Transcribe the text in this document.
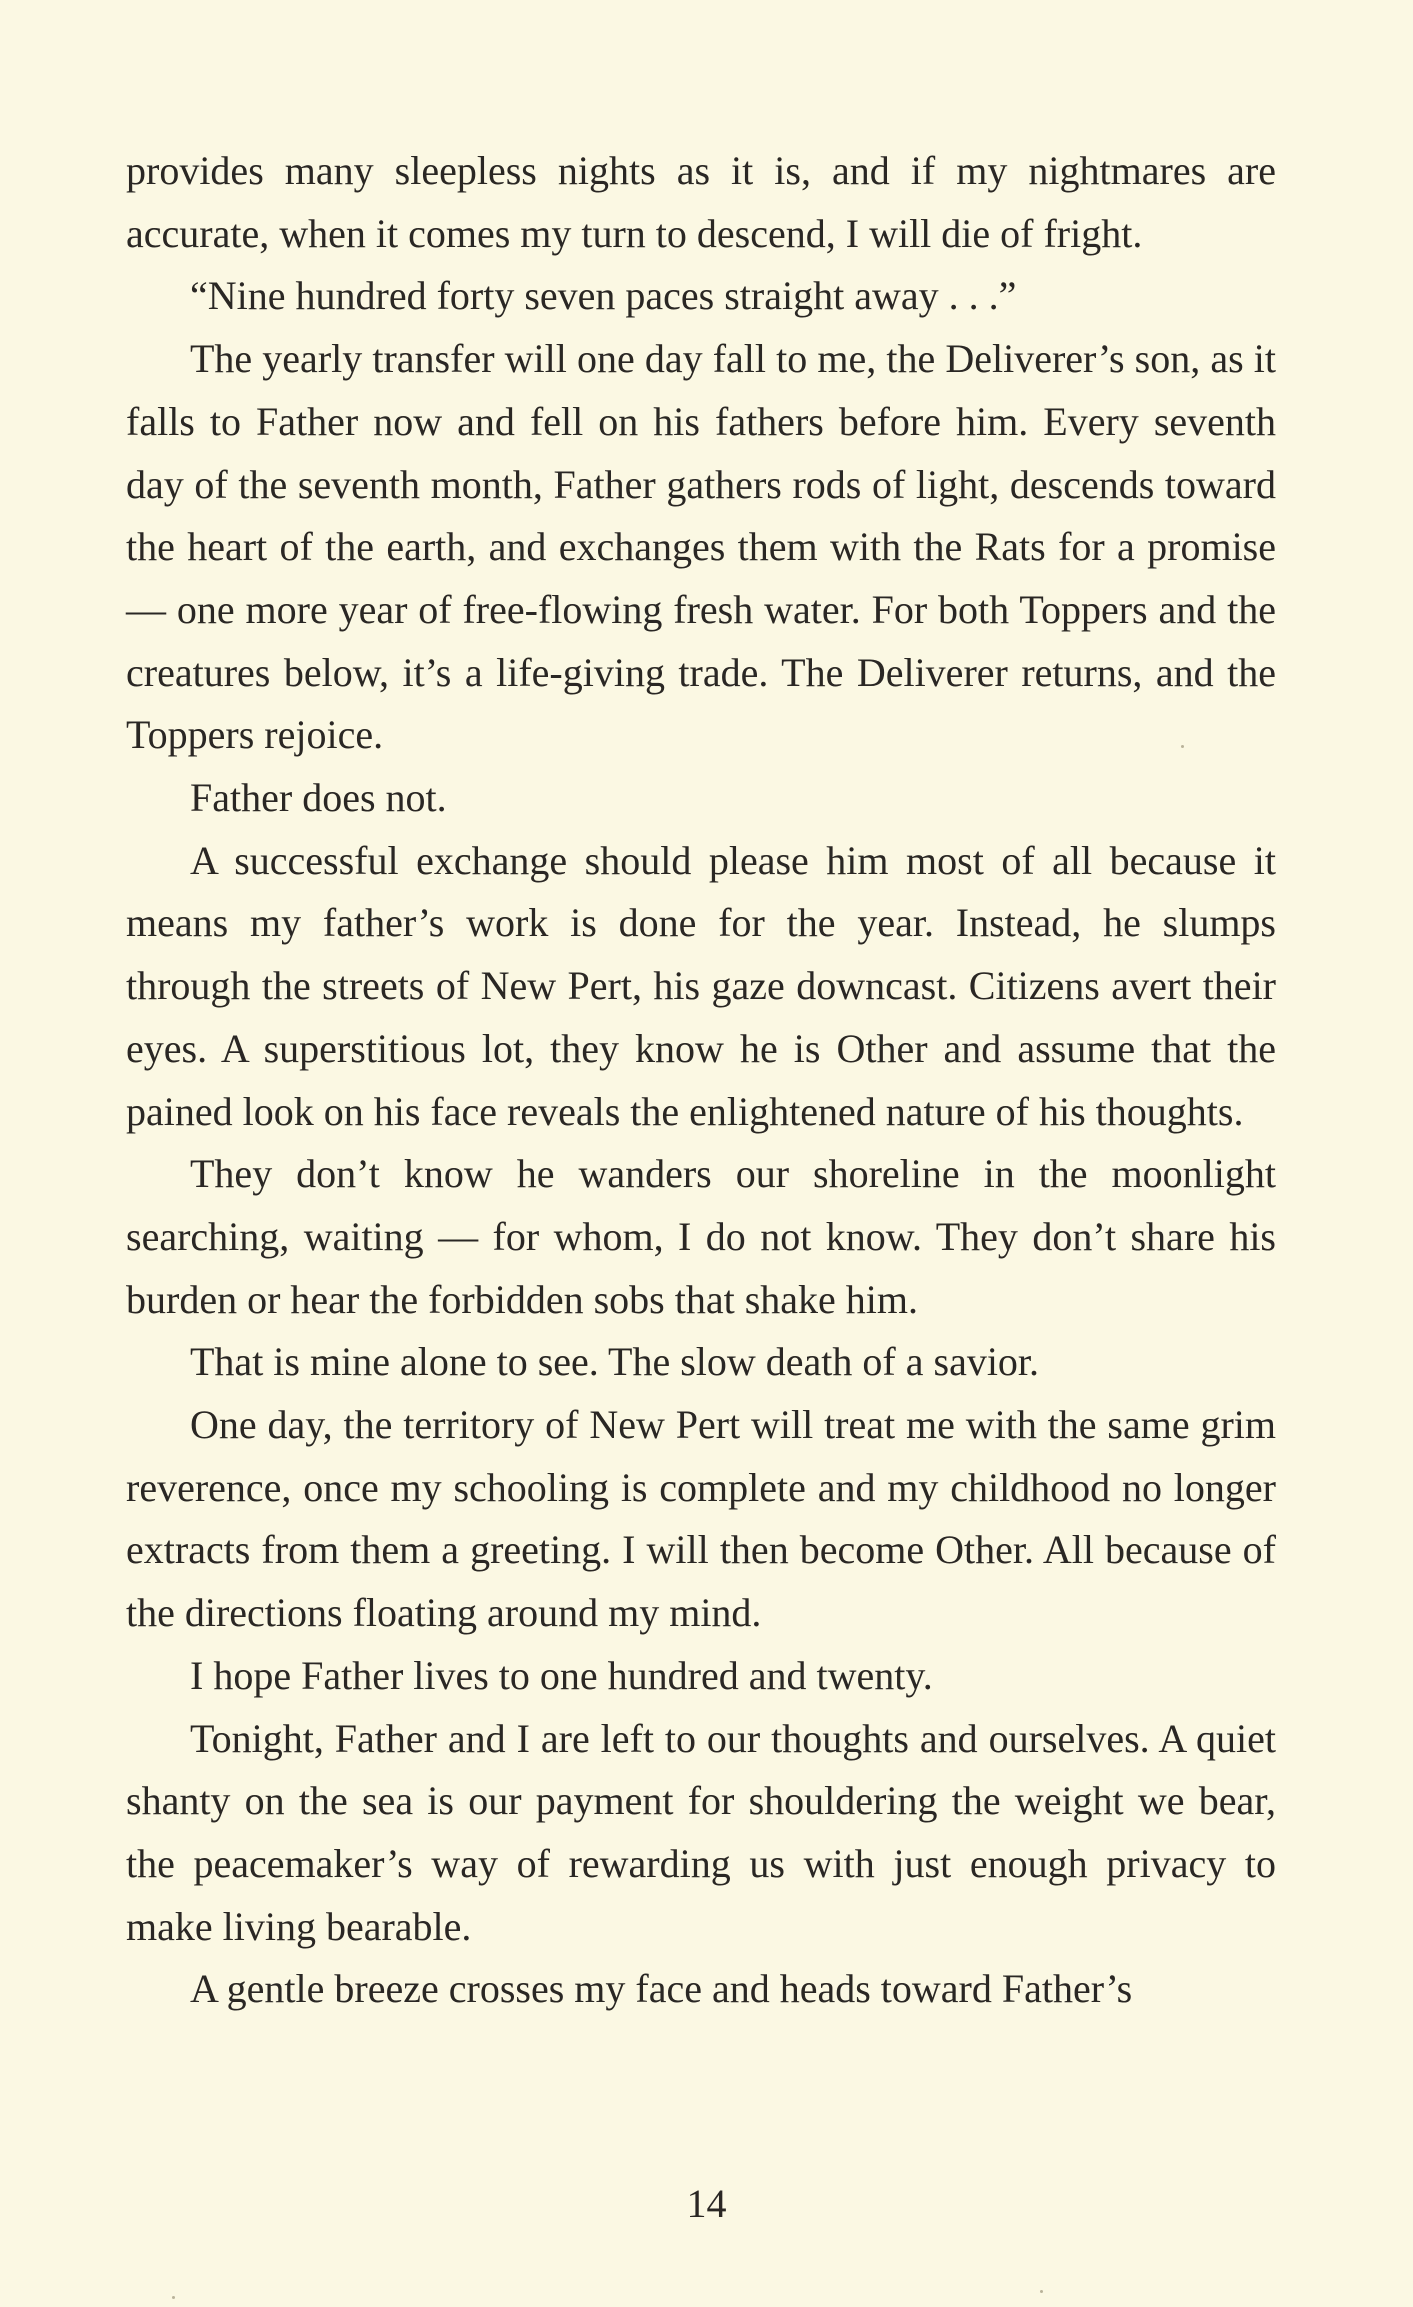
provides many sleepless nights as it is, and if my nightmares are accurate, when it comes my turn to descend, I will die of fright.

“Nine hundred forty seven paces straight away . . .”

The yearly transfer will one day fall to me, the Deliverer’s son, as it falls to Father now and fell on his fathers before him. Every seventh day of the seventh month, Father gathers rods of light, descends toward the heart of the earth, and exchanges them with the Rats for a promise — one more year of free-flowing fresh water. For both Toppers and the creatures below, it’s a life-giving trade. The Deliverer returns, and the Toppers rejoice.

Father does not.

A successful exchange should please him most of all because it means my father’s work is done for the year. Instead, he slumps through the streets of New Pert, his gaze downcast. Citizens avert their eyes. A superstitious lot, they know he is Other and assume that the pained look on his face reveals the enlightened nature of his thoughts.

They don’t know he wanders our shoreline in the moonlight searching, waiting — for whom, I do not know. They don’t share his burden or hear the forbidden sobs that shake him.

That is mine alone to see. The slow death of a savior.

One day, the territory of New Pert will treat me with the same grim reverence, once my schooling is complete and my childhood no longer extracts from them a greeting. I will then become Other. All because of the directions floating around my mind.

I hope Father lives to one hundred and twenty.

Tonight, Father and I are left to our thoughts and ourselves. A quiet shanty on the sea is our payment for shouldering the weight we bear, the peacemaker’s way of rewarding us with just enough privacy to make living bearable.

A gentle breeze crosses my face and heads toward Father’s

14
